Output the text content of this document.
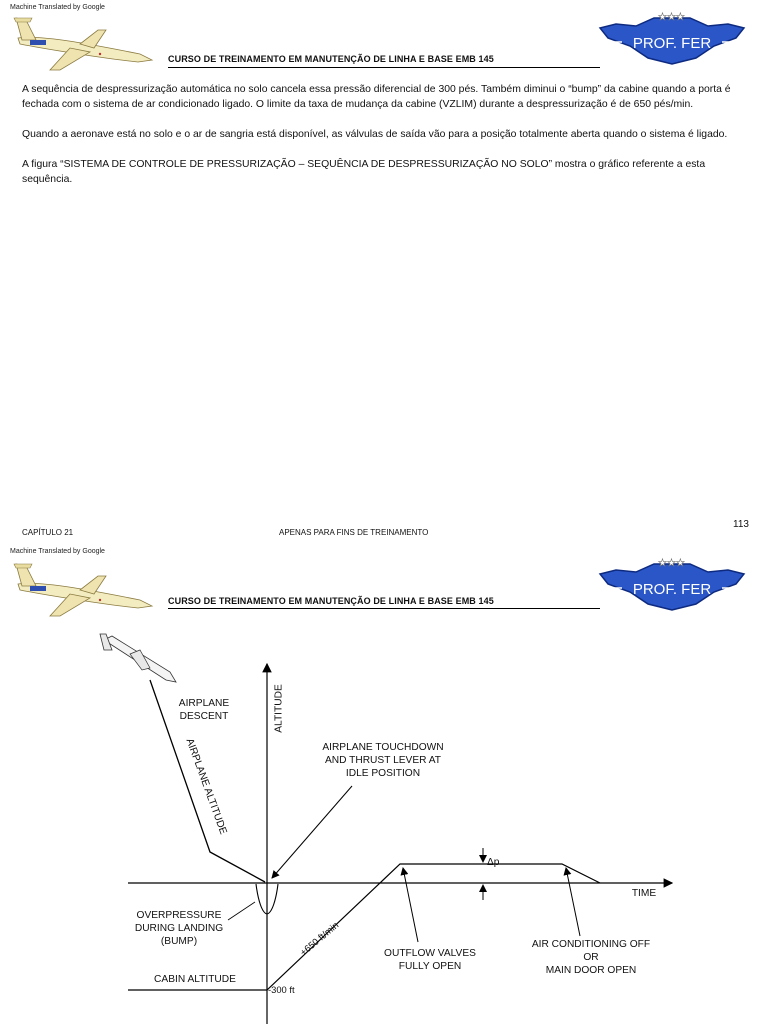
Machine Translated by Google
CURSO DE TREINAMENTO EM MANUTENÇÃO DE LINHA E BASE EMB 145
★★★
PROF. FER

A sequência de despressurização automática no solo cancela essa pressão diferencial de 300 pés. Também diminui o “bump” da cabine quando a porta é fechada com o sistema de ar condicionado ligado. O limite da taxa de mudança da cabine (VZLIM) durante a despressurização é de 650 pés/min.

Quando a aeronave está no solo e o ar de sangria está disponível, as válvulas de saída vão para a posição totalmente aberta quando o sistema é ligado.

A figura “SISTEMA DE CONTROLE DE PRESSURIZAÇÃO – SEQUÊNCIA DE DESPRESSURIZAÇÃO NO SOLO” mostra o gráfico referente a esta sequência.

CAPÍTULO 21	APENAS PARA FINS DE TREINAMENTO
113
Machine Translated by Google
CURSO DE TREINAMENTO EM MANUTENÇÃO DE LINHA E BASE EMB 145
★★★
PROF. FER
AIRPLANE
DESCENT	ALTITUDE
AIRPLANE ALTITUDE	AIRPLANE TOUCHDOWN
AND THRUST LEVER AT
IDLE POSITION
Δp
TIME
OVERPRESSURE
DURING LANDING
(BUMP)	+650 ft/min	OUTFLOW VALVES
FULLY OPEN
AIR CONDITIONING OFF
OR
MAIN DOOR OPEN
CABIN ALTITUDE
-300 ft
